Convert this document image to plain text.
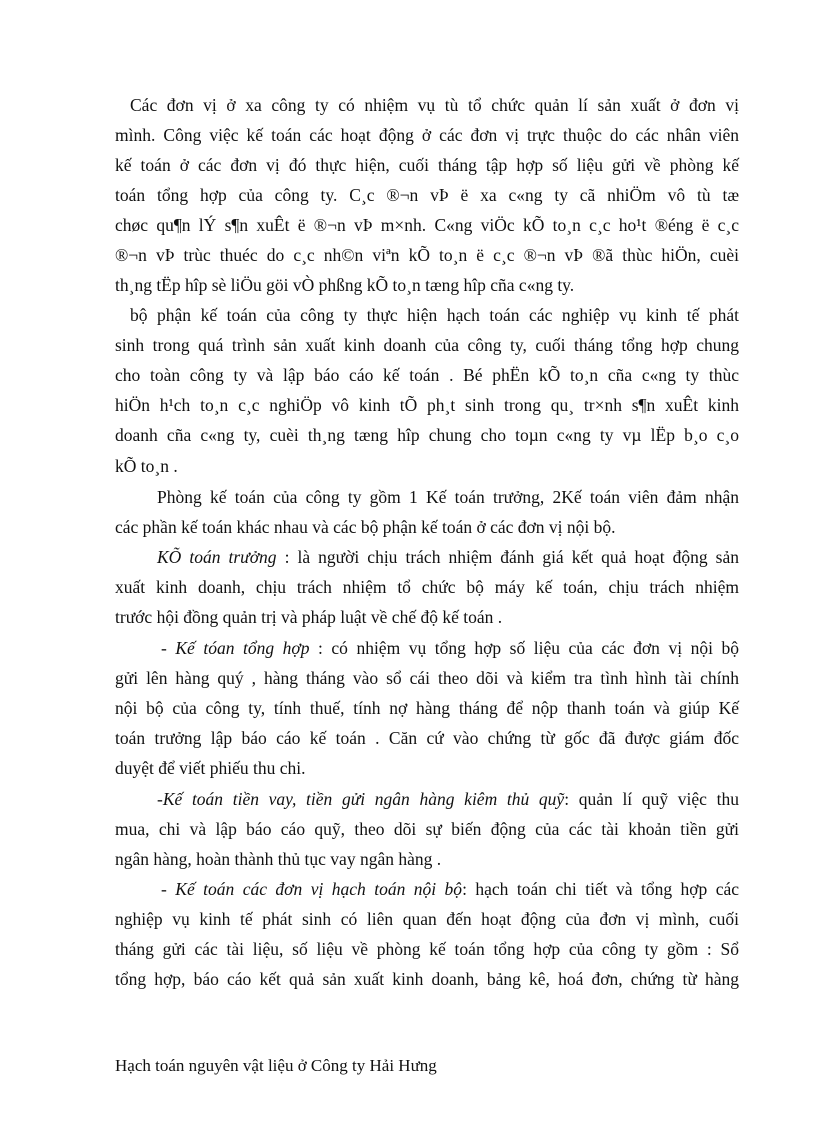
Các đơn vị ở xa công ty có nhiệm vụ tù tổ chức quản lí sản xuất ở đơn vị
mình. Công việc kế toán các hoạt động ở các đơn vị trực thuộc do các nhân viên
kế toán ở các đơn vị đó thực hiện, cuối tháng tập hợp số liệu gửi về phòng kế
toán tổng hợp của công ty. C¸c ®¬n vÞ ë xa c«ng ty cã nhiÖm vô tù tæ
chøc qu¶n lÝ s¶n xuÊt ë ®¬n vÞ m×nh. C«ng viÖc kÕ to¸n c¸c ho¹t ®éng ë c¸c
®¬n vÞ trùc thuéc do c¸c nh©n viªn kÕ to¸n ë c¸c ®¬n vÞ ®ã thùc hiÖn, cuèi
th¸ng tËp hîp sè liÖu göi vÒ phßng kÕ to¸n tæng hîp cña c«ng ty.
bộ phận kế toán của công ty thực hiện hạch toán các nghiệp vụ kinh tế phát
sinh trong quá trình sản xuất kinh doanh của công ty, cuối tháng tổng hợp chung
cho toàn công ty và lập báo cáo kế toán . Bé phËn kÕ to¸n cña c«ng ty thùc
hiÖn h¹ch to¸n c¸c nghiÖp vô kinh tÕ ph¸t sinh trong qu¸ tr×nh s¶n xuÊt kinh
doanh cña c«ng ty, cuèi th¸ng tæng hîp chung cho toµn c«ng ty vµ lËp b¸o c¸o
kÕ to¸n .
Phòng kế toán của công ty gồm 1 Kế toán trưởng, 2Kế toán viên đảm nhận
các phần kế toán khác nhau và các bộ phận kế toán ở các đơn vị nội bộ.
KÕ toán trưởng : là người chịu trách nhiệm đánh giá kết quả hoạt động sản
xuất kinh doanh, chịu trách nhiệm tổ chức bộ máy kế toán, chịu trách nhiệm
trước hội đồng quản trị và pháp luật về chế độ kế toán .
- Kế tóan tổng hợp : có nhiệm vụ tổng hợp số liệu của các đơn vị nội bộ
gửi lên hàng quý , hàng tháng vào sổ cái theo dõi và kiểm tra tình hình tài chính
nội bộ của công ty, tính thuế, tính nợ hàng tháng để nộp thanh toán và giúp Kế
toán trưởng lập báo cáo kế toán . Căn cứ vào chứng từ gốc đã được giám đốc
duyệt để viết phiếu thu chi.
-Kế toán tiền vay, tiền gửi ngân hàng kiêm thủ quỹ: quản lí quỹ việc thu
mua, chi và lập báo cáo quỹ, theo dõi sự biến động của các tài khoản tiền gửi
ngân hàng, hoàn thành thủ tục vay ngân hàng .
- Kế toán các đơn vị hạch toán nội bộ: hạch toán chi tiết và tổng hợp các
nghiệp vụ kinh tế phát sinh có liên quan đến hoạt động của đơn vị mình, cuối
tháng gửi các tài liệu, số liệu về phòng kế toán tổng hợp của công ty gồm : Sổ
tổng hợp, báo cáo kết quả sản xuất kinh doanh, bảng kê, hoá đơn, chứng từ hàng
Hạch toán nguyên vật liệu ở Công ty Hải Hưng
